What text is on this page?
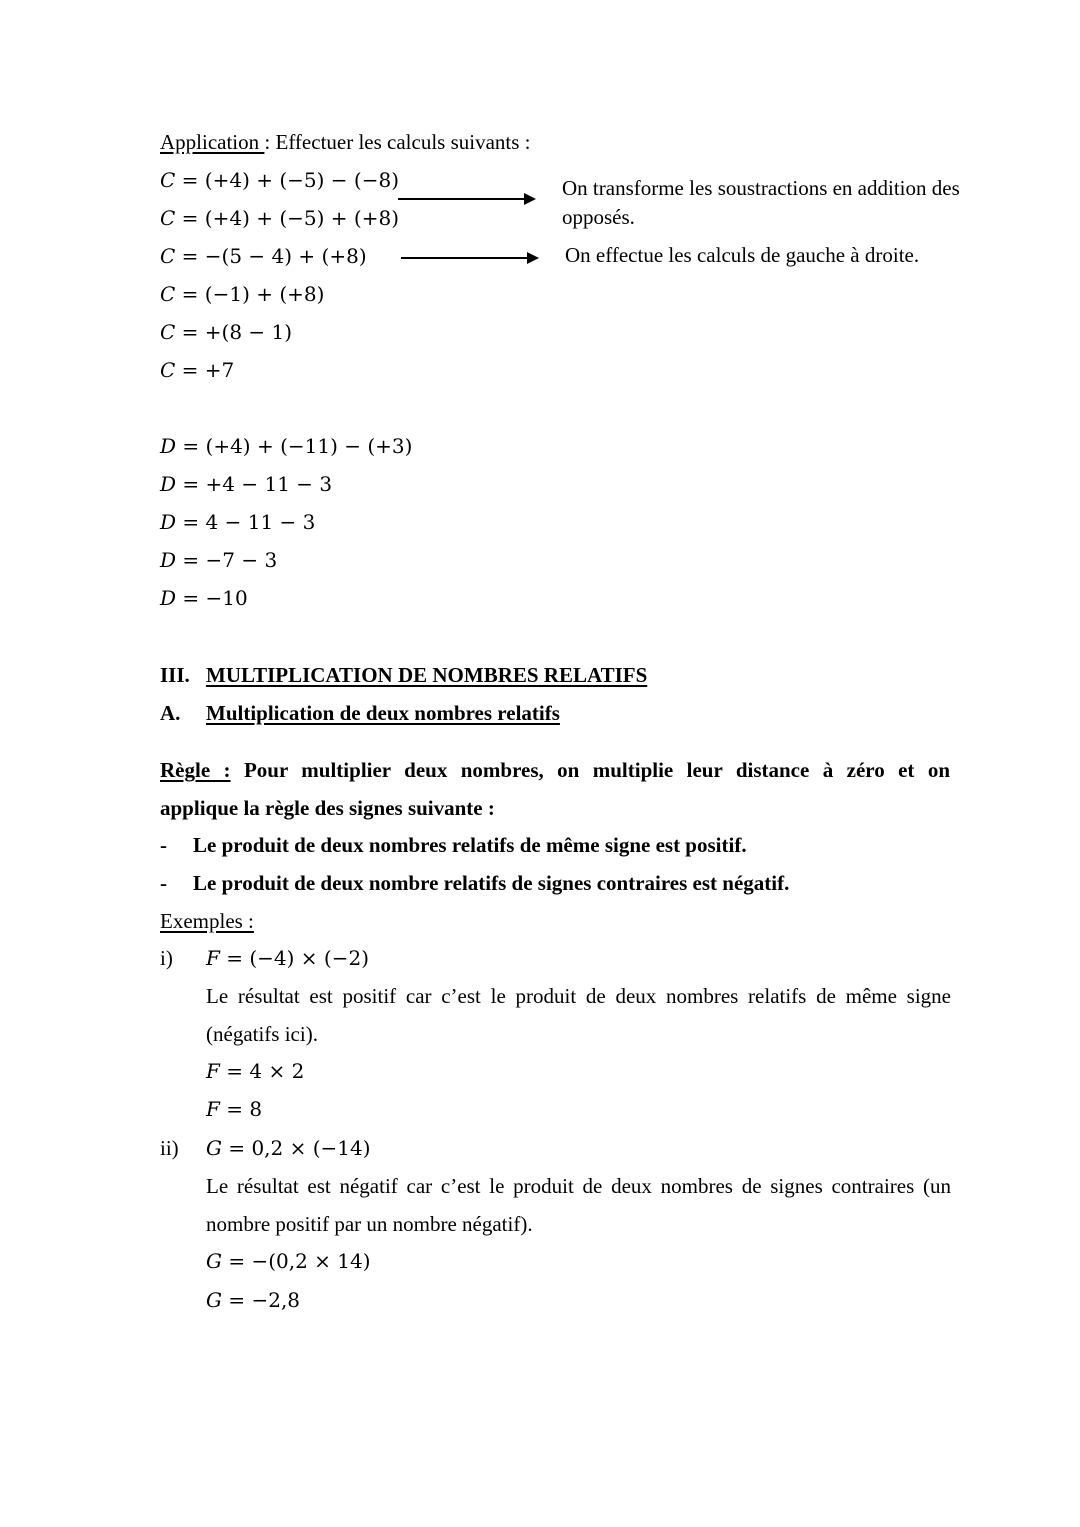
Application : Effectuer les calculs suivants :
C = (+4) + (−5) − (−8)
C = (+4) + (−5) + (+8)
C = −(5 − 4) + (+8)
C = (−1) + (+8)
C = +(8 − 1)
C = +7
On transforme les soustractions en addition des
opposés.
On effectue les calculs de gauche à droite.
D = (+4) + (−11) − (+3)
D = +4 − 11 − 3
D = 4 − 11 − 3
D = −7 − 3
D = −10
III. MULTIPLICATION DE NOMBRES RELATIFS
A. Multiplication de deux nombres relatifs
Règle : Pour multiplier deux nombres, on multiplie leur distance à zéro et on
applique la règle des signes suivante :
- Le produit de deux nombres relatifs de même signe est positif.
- Le produit de deux nombre relatifs de signes contraires est négatif.
Exemples :
i) F = (−4) × (−2)
Le résultat est positif car c’est le produit de deux nombres relatifs de même signe
(négatifs ici).
F = 4 × 2
F = 8
ii) G = 0,2 × (−14)
Le résultat est négatif car c’est le produit de deux nombres de signes contraires (un
nombre positif par un nombre négatif).
G = −(0,2 × 14)
G = −2,8
